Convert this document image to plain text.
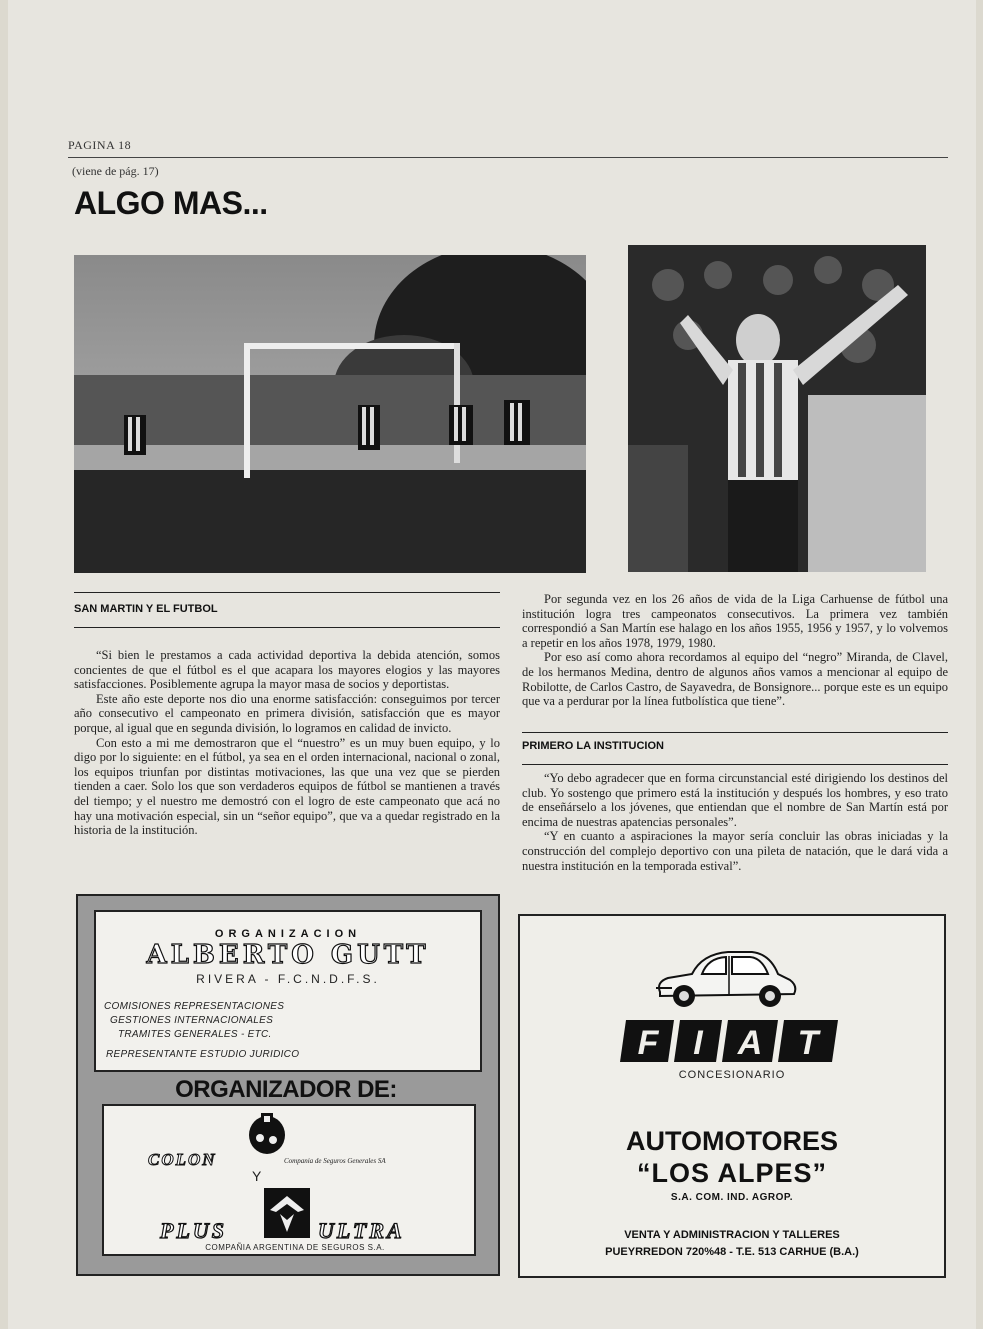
PAGINA 18
(viene de pág. 17)
ALGO MAS...
SAN MARTIN Y EL FUTBOL

“Si bien le prestamos a cada actividad deportiva la debida atención, somos concientes de que el fútbol es el que acapara los mayores elogios y las mayores satisfacciones. Posiblemente agrupa la mayor masa de socios y deportistas.

Este año este deporte nos dio una enorme satisfacción: conseguimos por tercer año consecutivo el campeonato en primera división, satisfacción que es mayor porque, al igual que en segunda división, lo logramos en calidad de invicto.

Con esto a mi me demostraron que el “nuestro” es un muy buen equipo, y lo digo por lo siguiente: en el fútbol, ya sea en el orden internacional, nacional o zonal, los equipos triunfan por distintas motivaciones, las que una vez que se pierden tienden a caer. Solo los que son verdaderos equipos de fútbol se mantienen a través del tiempo; y el nuestro me demostró con el logro de este campeonato que acá no hay una motivación especial, sin un “señor equipo”, que va a quedar registrado en la historia de la institución.

Por segunda vez en los 26 años de vida de la Liga Carhuense de fútbol una institución logra tres campeonatos consecutivos. La primera vez también correspondió a San Martín ese halago en los años 1955, 1956 y 1957, y lo volvemos a repetir en los años 1978, 1979, 1980.

Por eso así como ahora recordamos al equipo del “negro” Miranda, de Clavel, de los hermanos Medina, dentro de algunos años vamos a mencionar al equipo de Robilotte, de Carlos Castro, de Sayavedra, de Bonsignore... porque este es un equipo que va a perdurar por la línea futbolística que tiene”.

PRIMERO LA INSTITUCION

“Yo debo agradecer que en forma circunstancial esté dirigiendo los destinos del club. Yo sostengo que primero está la institución y después los hombres, y eso trato de enseñárselo a los jóvenes, que entiendan que el nombre de San Martín está por encima de nuestras apatencias personales”.

“Y en cuanto a aspiraciones la mayor sería concluir las obras iniciadas y la construcción del complejo deportivo con una pileta de natación, que le dará vida a nuestra institución en la temporada estival”.

ORGANIZACION
ALBERTO GUTT
RIVERA - F.C.N.D.F.S.
COMISIONES REPRESENTACIONES
GESTIONES INTERNACIONALES
TRAMITES GENERALES - ETC.
REPRESENTANTE ESTUDIO JURIDICO
ORGANIZADOR DE:
COLON	Compania de Seguros Generales SA
Y
PLUS	ULTRA
COMPAÑIA ARGENTINA DE SEGUROS S.A.
F I A T
CONCESIONARIO
AUTOMOTORES
“LOS ALPES”
S.A. COM. IND. AGROP.
VENTA Y ADMINISTRACION Y TALLERES
PUEYRREDON 720%48 - T.E. 513 CARHUE (B.A.)
